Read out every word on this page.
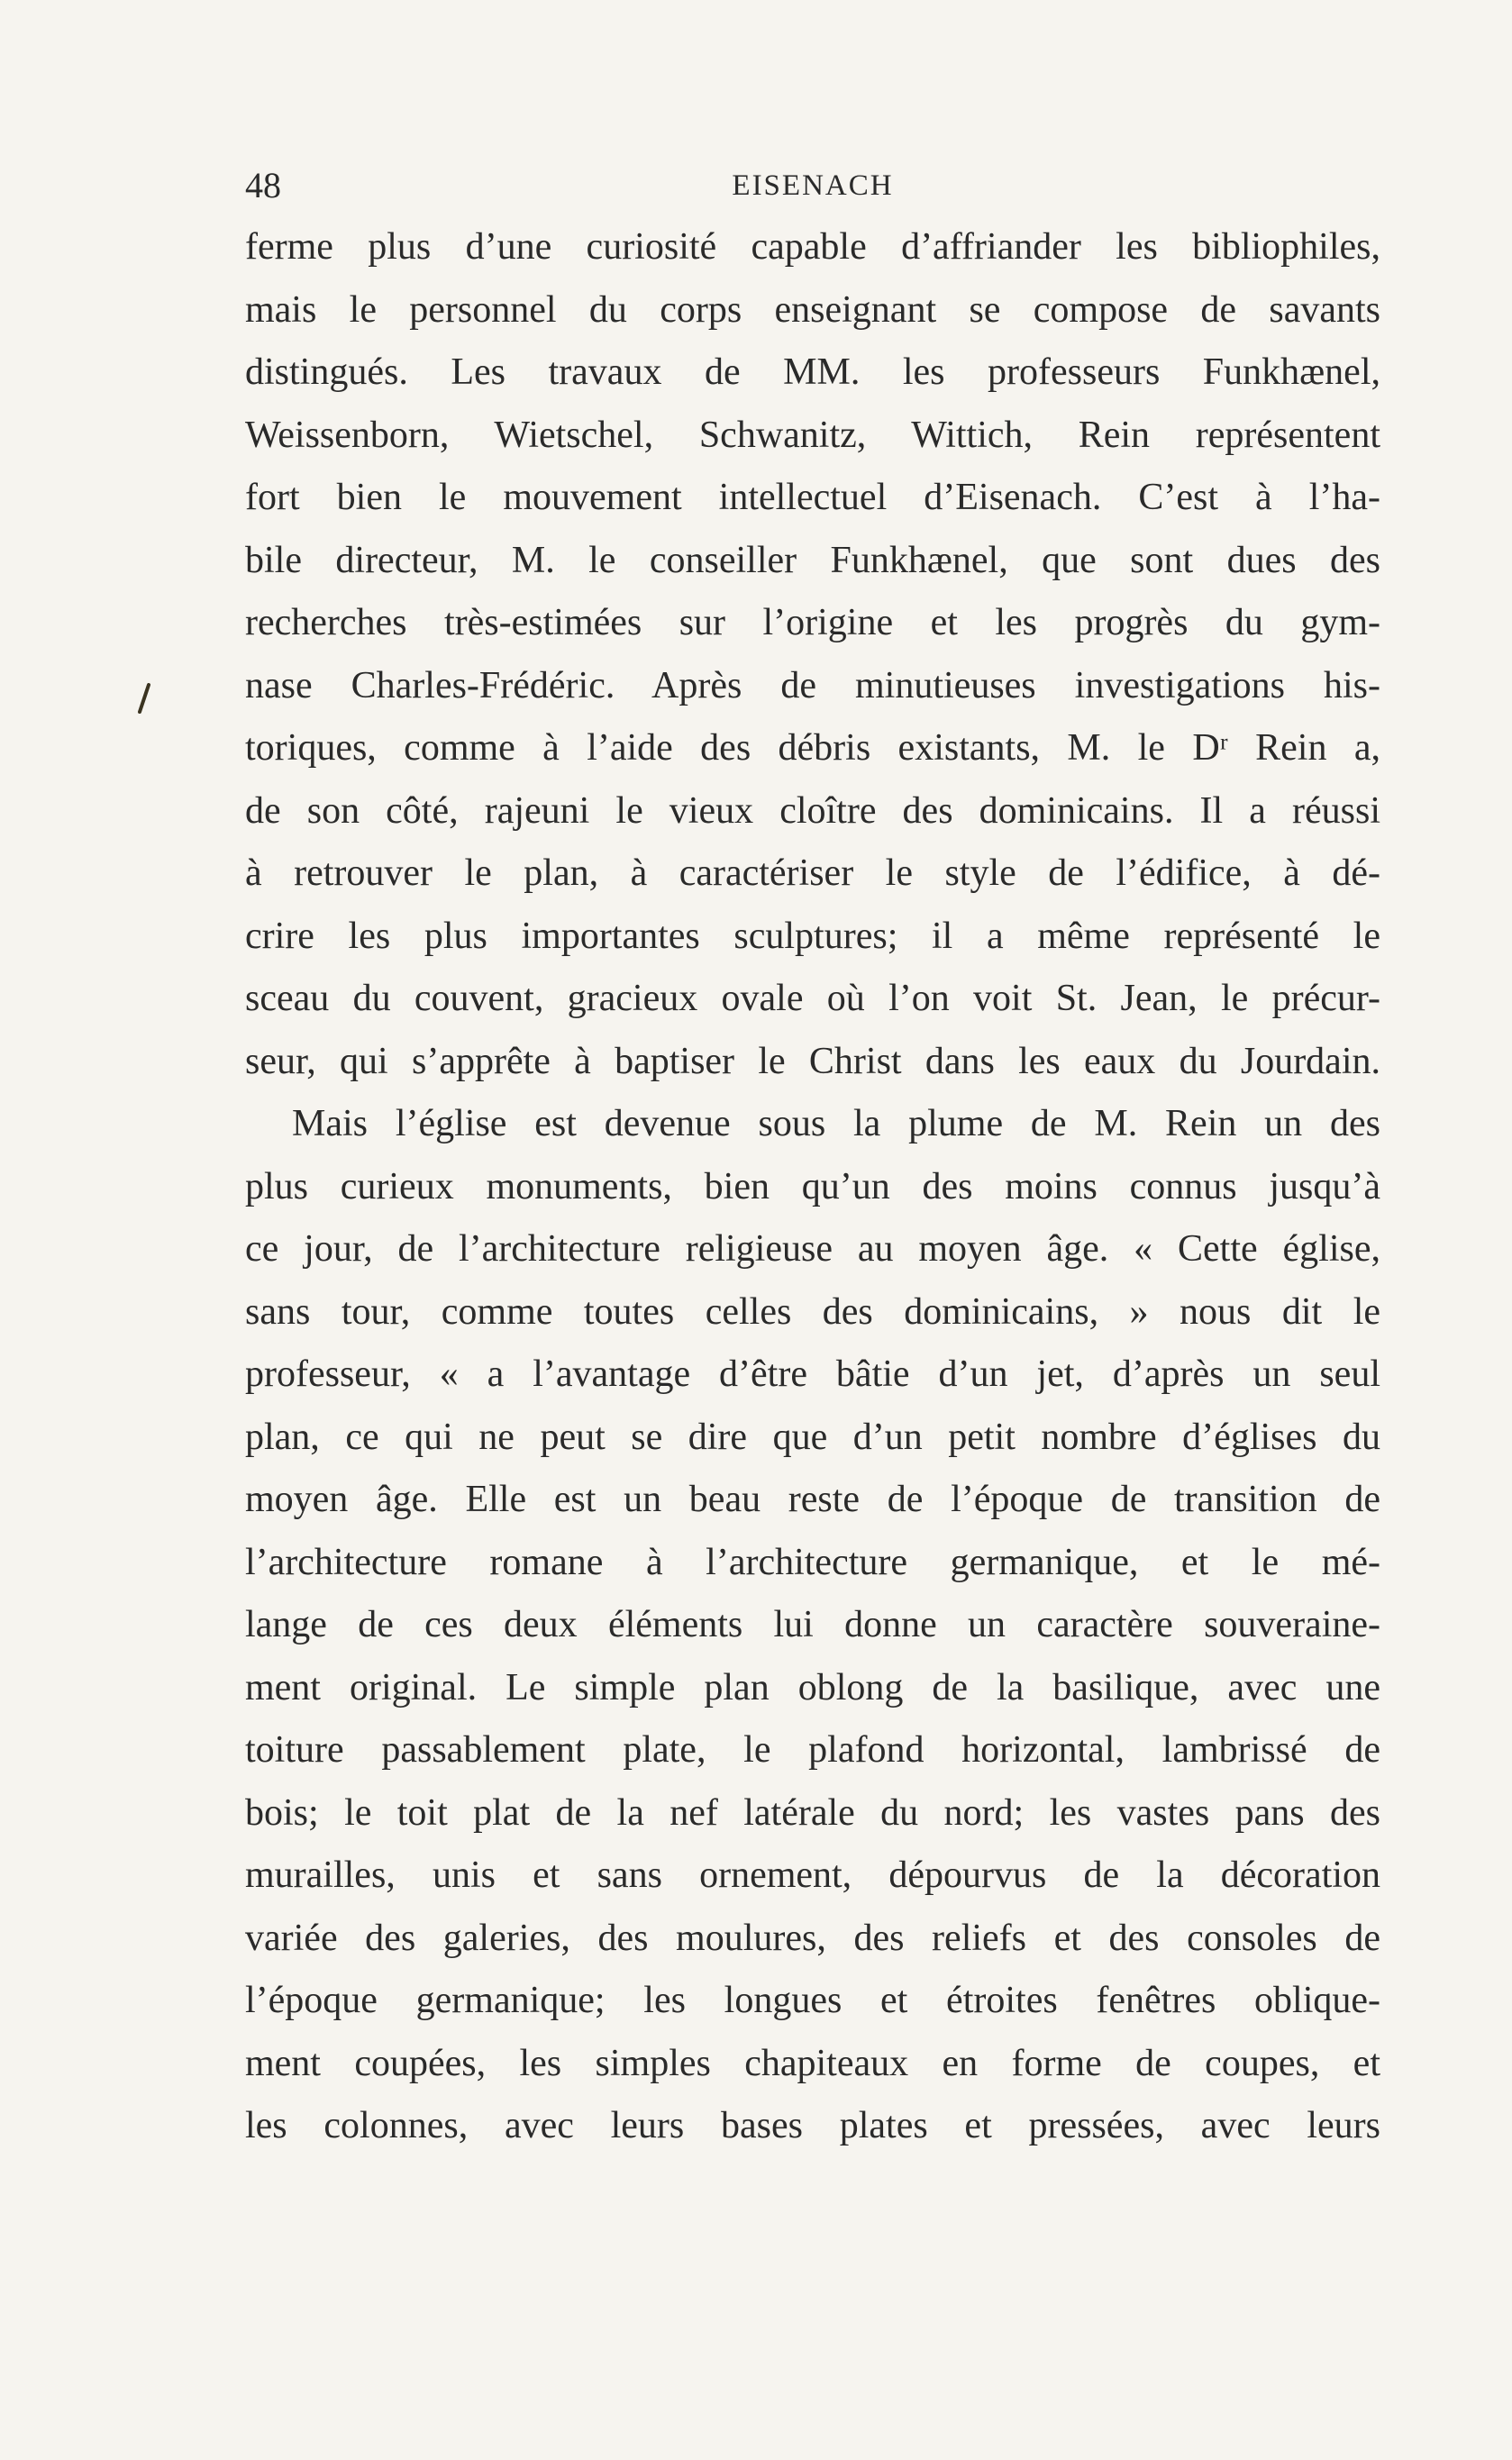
48	EISENACH
ferme plus d’une curiosité capable d’affriander les bibliophiles,
mais le personnel du corps enseignant se compose de savants
distingués. Les travaux de MM. les professeurs Funkhænel,
Weissenborn, Wietschel, Schwanitz, Wittich, Rein représentent
fort bien le mouvement intellectuel d’Eisenach. C’est à l’ha-
bile directeur, M. le conseiller Funkhænel, que sont dues des
recherches très-estimées sur l’origine et les progrès du gym-
nase Charles-Frédéric. Après de minutieuses investigations his-
toriques, comme à l’aide des débris existants, M. le Dʳ Rein a,
de son côté, rajeuni le vieux cloître des dominicains. Il a réussi
à retrouver le plan, à caractériser le style de l’édifice, à dé-
crire les plus importantes sculptures; il a même représenté le
sceau du couvent, gracieux ovale où l’on voit St. Jean, le précur-
seur, qui s’apprête à baptiser le Christ dans les eaux du Jourdain.
Mais l’église est devenue sous la plume de M. Rein un des
plus curieux monuments, bien qu’un des moins connus jusqu’à
ce jour, de l’architecture religieuse au moyen âge. « Cette église,
sans tour, comme toutes celles des dominicains, » nous dit le
professeur, « a l’avantage d’être bâtie d’un jet, d’après un seul
plan, ce qui ne peut se dire que d’un petit nombre d’églises du
moyen âge. Elle est un beau reste de l’époque de transition de
l’architecture romane à l’architecture germanique, et le mé-
lange de ces deux éléments lui donne un caractère souveraine-
ment original. Le simple plan oblong de la basilique, avec une
toiture passablement plate, le plafond horizontal, lambrissé de
bois; le toit plat de la nef latérale du nord; les vastes pans des
murailles, unis et sans ornement, dépourvus de la décoration
variée des galeries, des moulures, des reliefs et des consoles de
l’époque germanique; les longues et étroites fenêtres oblique-
ment coupées, les simples chapiteaux en forme de coupes, et
les colonnes, avec leurs bases plates et pressées, avec leurs
